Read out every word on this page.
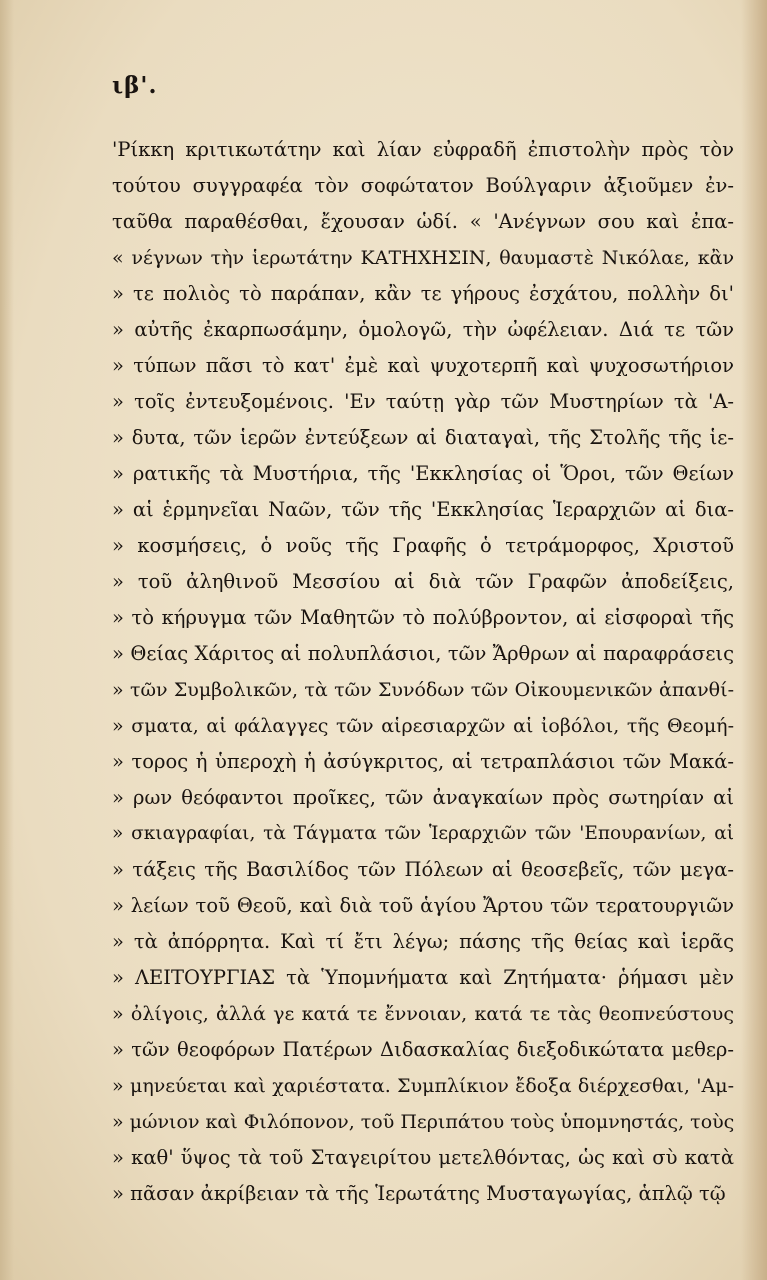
ιβ'.
'Ρίκκη κριτικωτάτην καὶ λίαν εὐφραδῆ ἐπιστολὴν πρὸς τὸν
τούτου συγγραφέα τὸν σοφώτατον Βούλγαριν ἀξιοῦμεν ἐν-
ταῦθα παραθέσθαι, ἔχουσαν ὡδί. « 'Ανέγνων σου καὶ ἐπα-
« νέγνων τὴν ἱερωτάτην ΚΑΤΗΧΗΣΙΝ, θαυμαστὲ Νικόλαε, κἂν
» τε πολιὸς τὸ παράπαν, κἂν τε γήρους ἐσχάτου, πολλὴν δι'
» αὐτῆς ἐκαρπωσάμην, ὁμολογῶ, τὴν ὠφέλειαν. Διά τε τῶν
» τύπων πᾶσι τὸ κατ' ἐμὲ καὶ ψυχοτερπῆ καὶ ψυχοσωτήριον
» τοῖς ἐντευξομένοις. 'Εν ταύτῃ γὰρ τῶν Μυστηρίων τὰ 'Α-
» δυτα, τῶν ἱερῶν ἐντεύξεων αἱ διαταγαὶ, τῆς Στολῆς τῆς ἱε-
» ρατικῆς τὰ Μυστήρια, τῆς 'Εκκλησίας οἱ Ὅροι, τῶν Θείων
» αἱ ἑρμηνεῖαι Ναῶν, τῶν τῆς 'Εκκλησίας Ἱεραρχιῶν αἱ δια-
» κοσμήσεις, ὁ νοῦς τῆς Γραφῆς ὁ τετράμορφος, Χριστοῦ
» τοῦ ἀληθινοῦ Μεσσίου αἱ διὰ τῶν Γραφῶν ἀποδείξεις,
» τὸ κήρυγμα τῶν Μαθητῶν τὸ πολύβροντον, αἱ εἰσφοραὶ τῆς
» Θείας Χάριτος αἱ πολυπλάσιοι, τῶν Ἄρθρων αἱ παραφράσεις
» τῶν Συμβολικῶν, τὰ τῶν Συνόδων τῶν Οἰκουμενικῶν ἀπανθί-
» σματα, αἱ φάλαγγες τῶν αἱρεσιαρχῶν αἱ ἰοβόλοι, τῆς Θεομή-
» τορος ἡ ὑπεροχὴ ἡ ἀσύγκριτος, αἱ τετραπλάσιοι τῶν Μακά-
» ρων θεόφαντοι προῖκες, τῶν ἀναγκαίων πρὸς σωτηρίαν αἱ
» σκιαγραφίαι, τὰ Τάγματα τῶν Ἱεραρχιῶν τῶν 'Επουρανίων, αἱ
» τάξεις τῆς Βασιλίδος τῶν Πόλεων αἱ θεοσεβεῖς, τῶν μεγα-
» λείων τοῦ Θεοῦ, καὶ διὰ τοῦ ἁγίου Ἄρτου τῶν τερατουργιῶν
» τὰ ἀπόρρητα. Καὶ τί ἔτι λέγω; πάσης τῆς θείας καὶ ἱερᾶς
» ΛΕΙΤΟΥΡΓΙΑΣ τὰ Ὑπομνήματα καὶ Ζητήματα· ῥήμασι μὲν
» ὀλίγοις, ἀλλά γε κατά τε ἔννοιαν, κατά τε τὰς θεοπνεύστους
» τῶν θεοφόρων Πατέρων Διδασκαλίας διεξοδικώτατα μεθερ-
» μηνεύεται καὶ χαριέστατα. Συμπλίκιον ἔδοξα διέρχεσθαι, 'Αμ-
» μώνιον καὶ Φιλόπονον, τοῦ Περιπάτου τοὺς ὑπομνηστάς, τοὺς
» καθ' ὕψος τὰ τοῦ Σταγειρίτου μετελθόντας, ὡς καὶ σὺ κατὰ
» πᾶσαν ἀκρίβειαν τὰ τῆς Ἱερωτάτης Μυσταγωγίας, ἁπλῷ τῷ
